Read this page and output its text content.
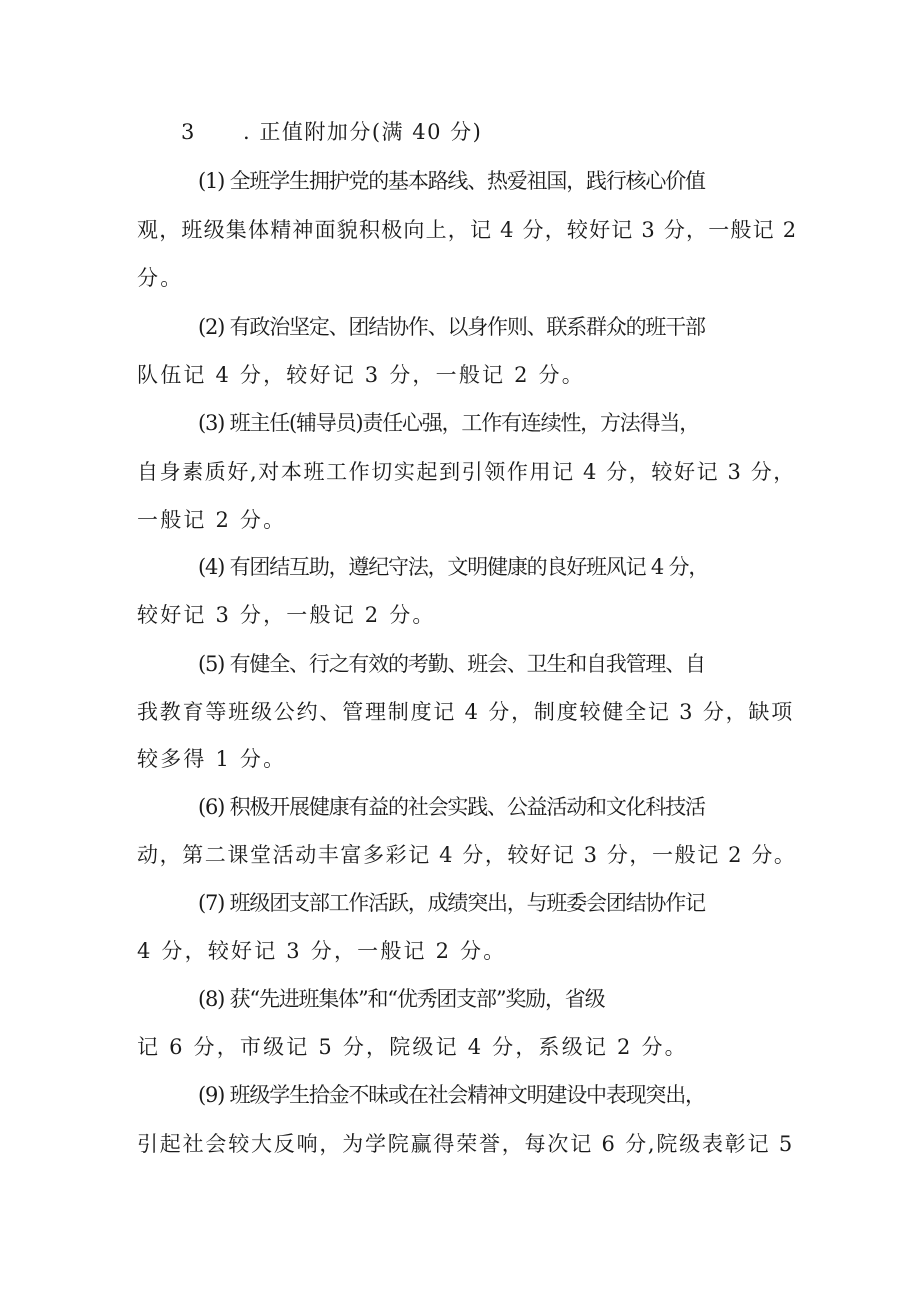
3 . 正值附加分(满 40 分)
(1) 全班学生拥护党的基本路线、热爱祖国，践行核心价值
观，班级集体精神面貌积极向上，记 4 分，较好记 3 分，一般记 2
分。
(2) 有政治坚定、团结协作、以身作则、联系群众的班干部
队伍记 4 分，较好记 3 分，一般记 2 分。
(3) 班主任(辅导员)责任心强，工作有连续性，方法得当，
自身素质好,对本班工作切实起到引领作用记 4 分，较好记 3 分，
一般记 2 分。
(4) 有团结互助，遵纪守法，文明健康的良好班风记 4 分，
较好记 3 分，一般记 2 分。
(5) 有健全、行之有效的考勤、班会、卫生和自我管理、自
我教育等班级公约、管理制度记 4 分，制度较健全记 3 分，缺项
较多得 1 分。
(6) 积极开展健康有益的社会实践、公益活动和文化科技活
动，第二课堂活动丰富多彩记 4 分，较好记 3 分，一般记 2 分。
(7) 班级团支部工作活跃，成绩突出，与班委会团结协作记
4 分，较好记 3 分，一般记 2 分。
(8) 获“先进班集体”和“优秀团支部”奖励，省级
记 6 分，市级记 5 分，院级记 4 分，系级记 2 分。
(9) 班级学生拾金不昧或在社会精神文明建设中表现突出，
引起社会较大反响，为学院赢得荣誉，每次记 6 分,院级表彰记 5
